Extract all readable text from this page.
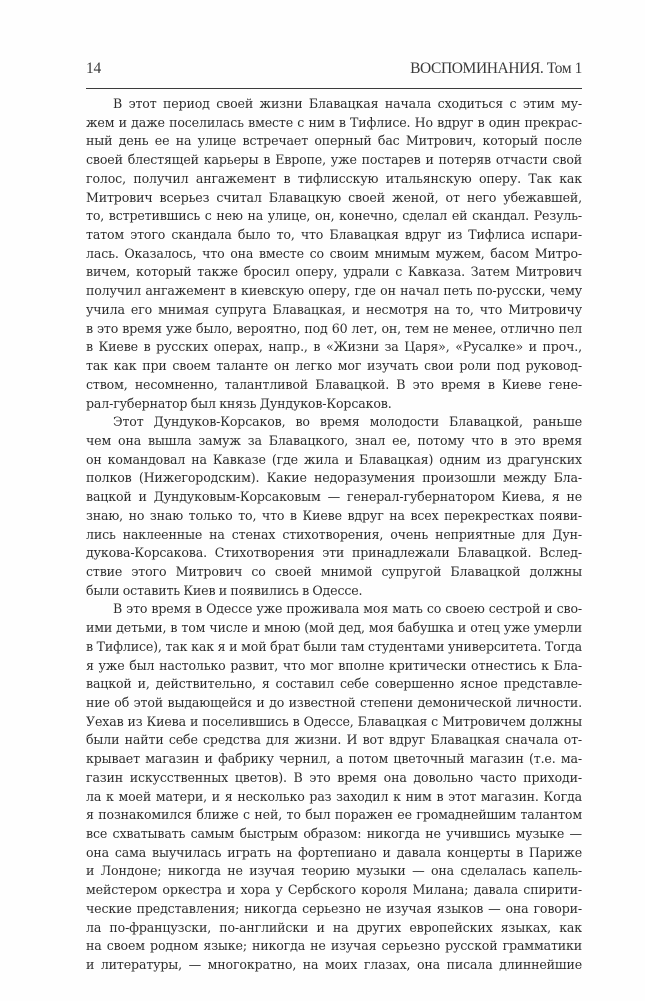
14	ВОСПОМИНАНИЯ. Том 1
В этот период своей жизни Блавацкая начала сходиться с этим му-
жем и даже поселилась вместе с ним в Тифлисе. Но вдруг в один прекрас-
ный день ее на улице встречает оперный бас Митрович, который после
своей блестящей карьеры в Европе, уже постарев и потеряв отчасти свой
голос, получил ангажемент в тифлисскую итальянскую оперу. Так как
Митрович всерьез считал Блавацкую своей женой, от него убежавшей,
то, встретившись с нею на улице, он, конечно, сделал ей скандал. Резуль-
татом этого скандала было то, что Блавацкая вдруг из Тифлиса испари-
лась. Оказалось, что она вместе со своим мнимым мужем, басом Митро-
вичем, который также бросил оперу, удрали с Кавказа. Затем Митрович
получил ангажемент в киевскую оперу, где он начал петь по-русски, чему
учила его мнимая супруга Блавацкая, и несмотря на то, что Митровичу
в это время уже было, вероятно, под 60 лет, он, тем не менее, отлично пел
в Киеве в русских операх, напр., в «Жизни за Царя», «Русалке» и проч.,
так как при своем таланте он легко мог изучать свои роли под руковод-
ством, несомненно, талантливой Блавацкой. В это время в Киеве гене-
рал-губернатор был князь Дундуков-Корсаков.
Этот Дундуков-Корсаков, во время молодости Блавацкой, раньше
чем она вышла замуж за Блавацкого, знал ее, потому что в это время
он командовал на Кавказе (где жила и Блавацкая) одним из драгунских
полков (Нижегородским). Какие недоразумения произошли между Бла-
вацкой и Дундуковым-Корсаковым — генерал-губернатором Киева, я не
знаю, но знаю только то, что в Киеве вдруг на всех перекрестках появи-
лись наклеенные на стенах стихотворения, очень неприятные для Дун-
дукова-Корсакова. Стихотворения эти принадлежали Блавацкой. Вслед-
ствие этого Митрович со своей мнимой супругой Блавацкой должны
были оставить Киев и появились в Одессе.
В это время в Одессе уже проживала моя мать со своею сестрой и сво-
ими детьми, в том числе и мною (мой дед, моя бабушка и отец уже умерли
в Тифлисе), так как я и мой брат были там студентами университета. Тогда
я уже был настолько развит, что мог вполне критически отнестись к Бла-
вацкой и, действительно, я составил себе совершенно ясное представле-
ние об этой выдающейся и до известной степени демонической личности.
Уехав из Киева и поселившись в Одессе, Блавацкая с Митровичем должны
были найти себе средства для жизни. И вот вдруг Блавацкая сначала от-
крывает магазин и фабрику чернил, а потом цветочный магазин (т.е. ма-
газин искусственных цветов). В это время она довольно часто приходи-
ла к моей матери, и я несколько раз заходил к ним в этот магазин. Когда
я познакомился ближе с ней, то был поражен ее громаднейшим талантом
все схватывать самым быстрым образом: никогда не учившись музыке —
она сама выучилась играть на фортепиано и давала концерты в Париже
и Лондоне; никогда не изучая теорию музыки — она сделалась капель-
мейстером оркестра и хора у Сербского короля Милана; давала спирити-
ческие представления; никогда серьезно не изучая языков — она говори-
ла по-французски, по-английски и на других европейских языках, как
на своем родном языке; никогда не изучая серьезно русской грамматики
и литературы, — многократно, на моих глазах, она писала длиннейшие
